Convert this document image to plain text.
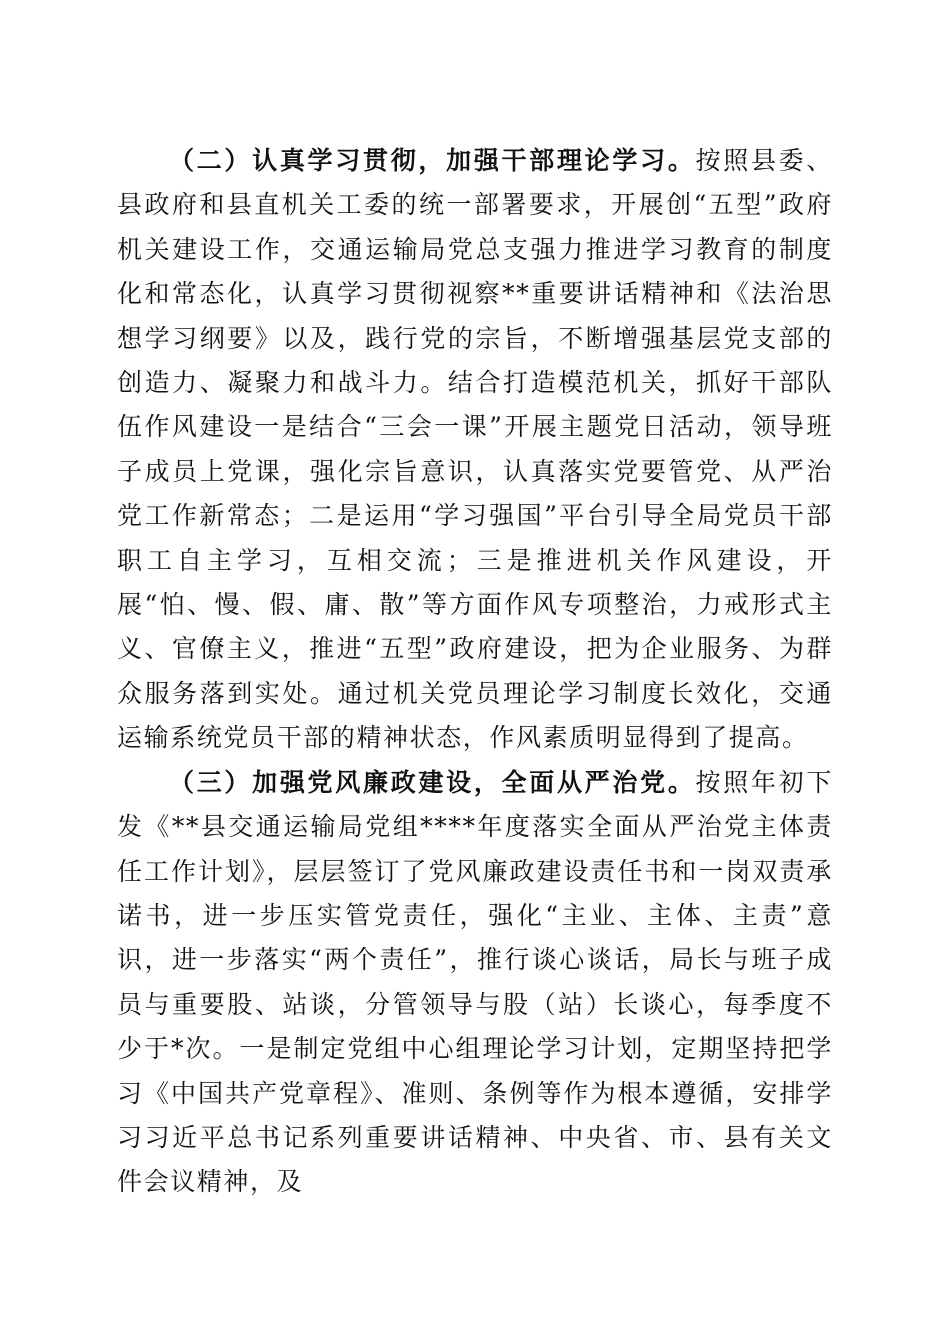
（二）认真学习贯彻，加强干部理论学习。按照县委、县政府和县直机关工委的统一部署要求，开展创“五型”政府机关建设工作，交通运输局党总支强力推进学习教育的制度化和常态化，认真学习贯彻视察**重要讲话精神和《法治思想学习纲要》以及，践行党的宗旨，不断增强基层党支部的创造力、凝聚力和战斗力。结合打造模范机关，抓好干部队伍作风建设一是结合“三会一课”开展主题党日活动，领导班子成员上党课，强化宗旨意识，认真落实党要管党、从严治党工作新常态；二是运用“学习强国”平台引导全局党员干部职工自主学习，互相交流；三是推进机关作风建设，开展“怕、慢、假、庸、散”等方面作风专项整治，力戒形式主义、官僚主义，推进“五型”政府建设，把为企业服务、为群众服务落到实处。通过机关党员理论学习制度长效化，交通运输系统党员干部的精神状态，作风素质明显得到了提高。

（三）加强党风廉政建设，全面从严治党。按照年初下发《**县交通运输局党组****年度落实全面从严治党主体责任工作计划》，层层签订了党风廉政建设责任书和一岗双责承诺书，进一步压实管党责任，强化“主业、主体、主责”意识，进一步落实“两个责任”，推行谈心谈话，局长与班子成员与重要股、站谈，分管领导与股（站）长谈心，每季度不少于*次。一是制定党组中心组理论学习计划，定期坚持把学习《中国共产党章程》、准则、条例等作为根本遵循，安排学习习近平总书记系列重要讲话精神、中央省、市、县有关文件会议精神，及
